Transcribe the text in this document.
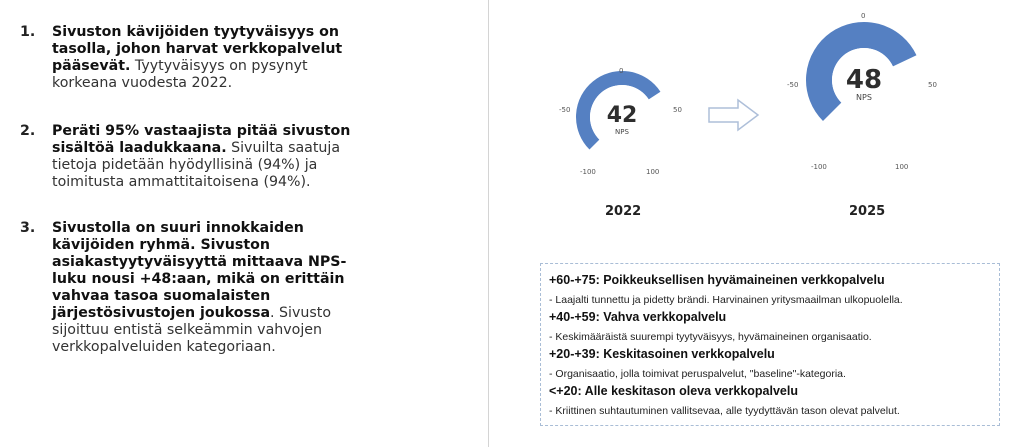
1. Sivuston kävijöiden tyytyväisyys on tasolla, johon harvat verkkopalvelut pääsevät. Tyytyväisyys on pysynyt korkeana vuodesta 2022.
2. Peräti 95% vastaajista pitää sivuston sisältöä laadukkaana. Sivuilta saatuja tietoja pidetään hyödyllisinä (94%) ja toimitusta ammattitaitoisena (94%).
3. Sivustolla on suuri innokkaiden kävijöiden ryhmä. Sivuston asiakastyytyväisyyttä mittaava NPS-luku nousi +48:aan, mikä on erittäin vahvaa tasoa suomalaisten järjestösivustojen joukossa. Sivusto sijoittuu entistä selkeämmin vahvojen verkkopalveluiden kategoriaan.
42
NPS
0
-50	50
-100	100
2022
48
NPS
0
-50	50
-100	100
2025
+60-+75: Poikkeuksellisen hyvämaineinen verkkopalvelu
- Laajalti tunnettu ja pidetty brändi. Harvinainen yritysmaailman ulkopuolella.
+40-+59: Vahva verkkopalvelu
- Keskimääräistä suurempi tyytyväisyys, hyvämaineinen organisaatio.
+20-+39: Keskitasoinen verkkopalvelu
- Organisaatio, jolla toimivat peruspalvelut, "baseline"-kategoria.
<+20: Alle keskitason oleva verkkopalvelu
- Kriittinen suhtautuminen vallitsevaa, alle tyydyttävän tason olevat palvelut.
